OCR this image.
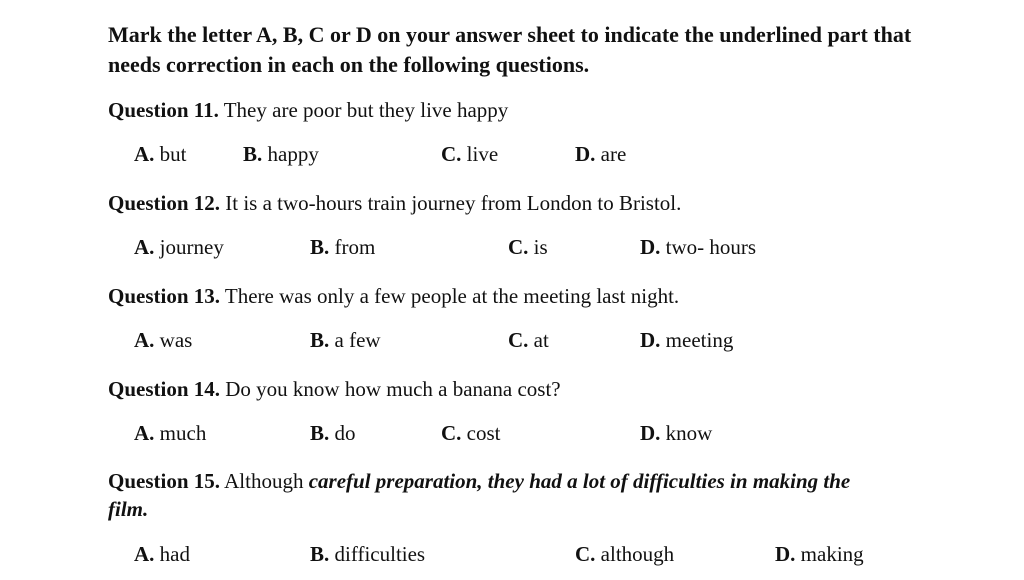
Mark the letter A, B, C or D on your answer sheet to indicate the underlined part that needs correction in each on the following questions.
Question 11. They are poor but they live happy
A. but	B. happy	C. live	D. are
Question 12. It is a two-hours train journey from London to Bristol.
A. journey	B. from	C. is	D. two- hours
Question 13. There was only a few people at the meeting last night.
A. was	B. a few	C. at	D. meeting
Question 14. Do you know how much a banana cost?
A. much	B. do	C. cost	D. know
Question 15. Although careful preparation, they had a lot of difficulties in making the film.
A. had	B. difficulties	C. although	D. making
